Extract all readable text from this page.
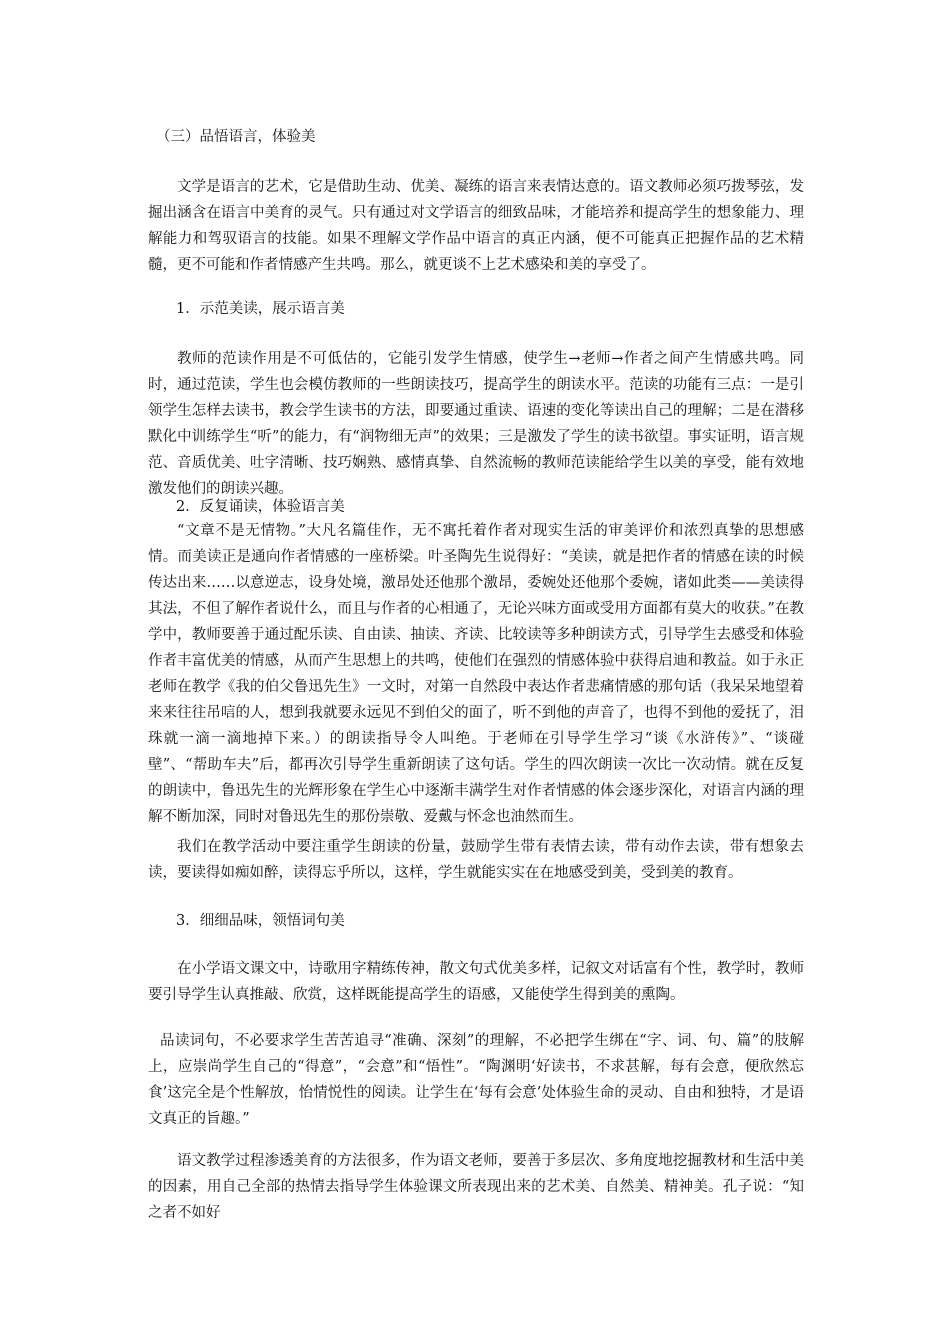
（三）品悟语言，体验美

文学是语言的艺术，它是借助生动、优美、凝练的语言来表情达意的。语文教师必须巧拨琴弦，发掘出涵含在语言中美育的灵气。只有通过对文学语言的细致品味，才能培养和提高学生的想象能力、理解能力和驾驭语言的技能。如果不理解文学作品中语言的真正内涵，便不可能真正把握作品的艺术精髓，更不可能和作者情感产生共鸣。那么，就更谈不上艺术感染和美的享受了。

1．示范美读，展示语言美

教师的范读作用是不可低估的，它能引发学生情感，使学生→老师→作者之间产生情感共鸣。同时，通过范读，学生也会模仿教师的一些朗读技巧，提高学生的朗读水平。范读的功能有三点：一是引领学生怎样去读书，教会学生读书的方法，即要通过重读、语速的变化等读出自己的理解；二是在潜移默化中训练学生“听”的能力，有“润物细无声”的效果；三是激发了学生的读书欲望。事实证明，语言规范、音质优美、吐字清晰、技巧娴熟、感情真挚、自然流畅的教师范读能给学生以美的享受，能有效地激发他们的朗读兴趣。

2．反复诵读，体验语言美

“文章不是无情物。”大凡名篇佳作，无不寓托着作者对现实生活的审美评价和浓烈真挚的思想感情。而美读正是通向作者情感的一座桥梁。叶圣陶先生说得好：“美读，就是把作者的情感在读的时候传达出来……以意逆志，设身处境，激昂处还他那个激昂，委婉处还他那个委婉，诸如此类——美读得其法，不但了解作者说什么，而且与作者的心相通了，无论兴味方面或受用方面都有莫大的收获。”在教学中，教师要善于通过配乐读、自由读、抽读、齐读、比较读等多种朗读方式，引导学生去感受和体验作者丰富优美的情感，从而产生思想上的共鸣，使他们在强烈的情感体验中获得启迪和教益。如于永正老师在教学《我的伯父鲁迅先生》一文时，对第一自然段中表达作者悲痛情感的那句话（我呆呆地望着来来往往吊唁的人，想到我就要永远见不到伯父的面了，听不到他的声音了，也得不到他的爱抚了，泪珠就一滴一滴地掉下来。）的朗读指导令人叫绝。于老师在引导学生学习“谈《水浒传》”、“谈碰壁”、“帮助车夫”后，都再次引导学生重新朗读了这句话。学生的四次朗读一次比一次动情。就在反复的朗读中，鲁迅先生的光辉形象在学生心中逐渐丰满学生对作者情感的体会逐步深化，对语言内涵的理解不断加深，同时对鲁迅先生的那份崇敬、爱戴与怀念也油然而生。

我们在教学活动中要注重学生朗读的份量，鼓励学生带有表情去读，带有动作去读，带有想象去读，要读得如痴如醉，读得忘乎所以，这样，学生就能实实在在地感受到美，受到美的教育。

3．细细品味，领悟词句美

在小学语文课文中，诗歌用字精练传神，散文句式优美多样，记叙文对话富有个性，教学时，教师要引导学生认真推敲、欣赏，这样既能提高学生的语感，又能使学生得到美的熏陶。

品读词句，不必要求学生苦苦追寻“准确、深刻”的理解，不必把学生绑在“字、词、句、篇”的肢解上，应崇尚学生自己的“得意”，“会意”和“悟性”。“陶渊明‘好读书，不求甚解，每有会意，便欣然忘食’这完全是个性解放，怡情悦性的阅读。让学生在‘每有会意’处体验生命的灵动、自由和独特，才是语文真正的旨趣。”

语文教学过程渗透美育的方法很多，作为语文老师，要善于多层次、多角度地挖掘教材和生活中美的因素，用自己全部的热情去指导学生体验课文所表现出来的艺术美、自然美、精神美。孔子说：“知之者不如好
